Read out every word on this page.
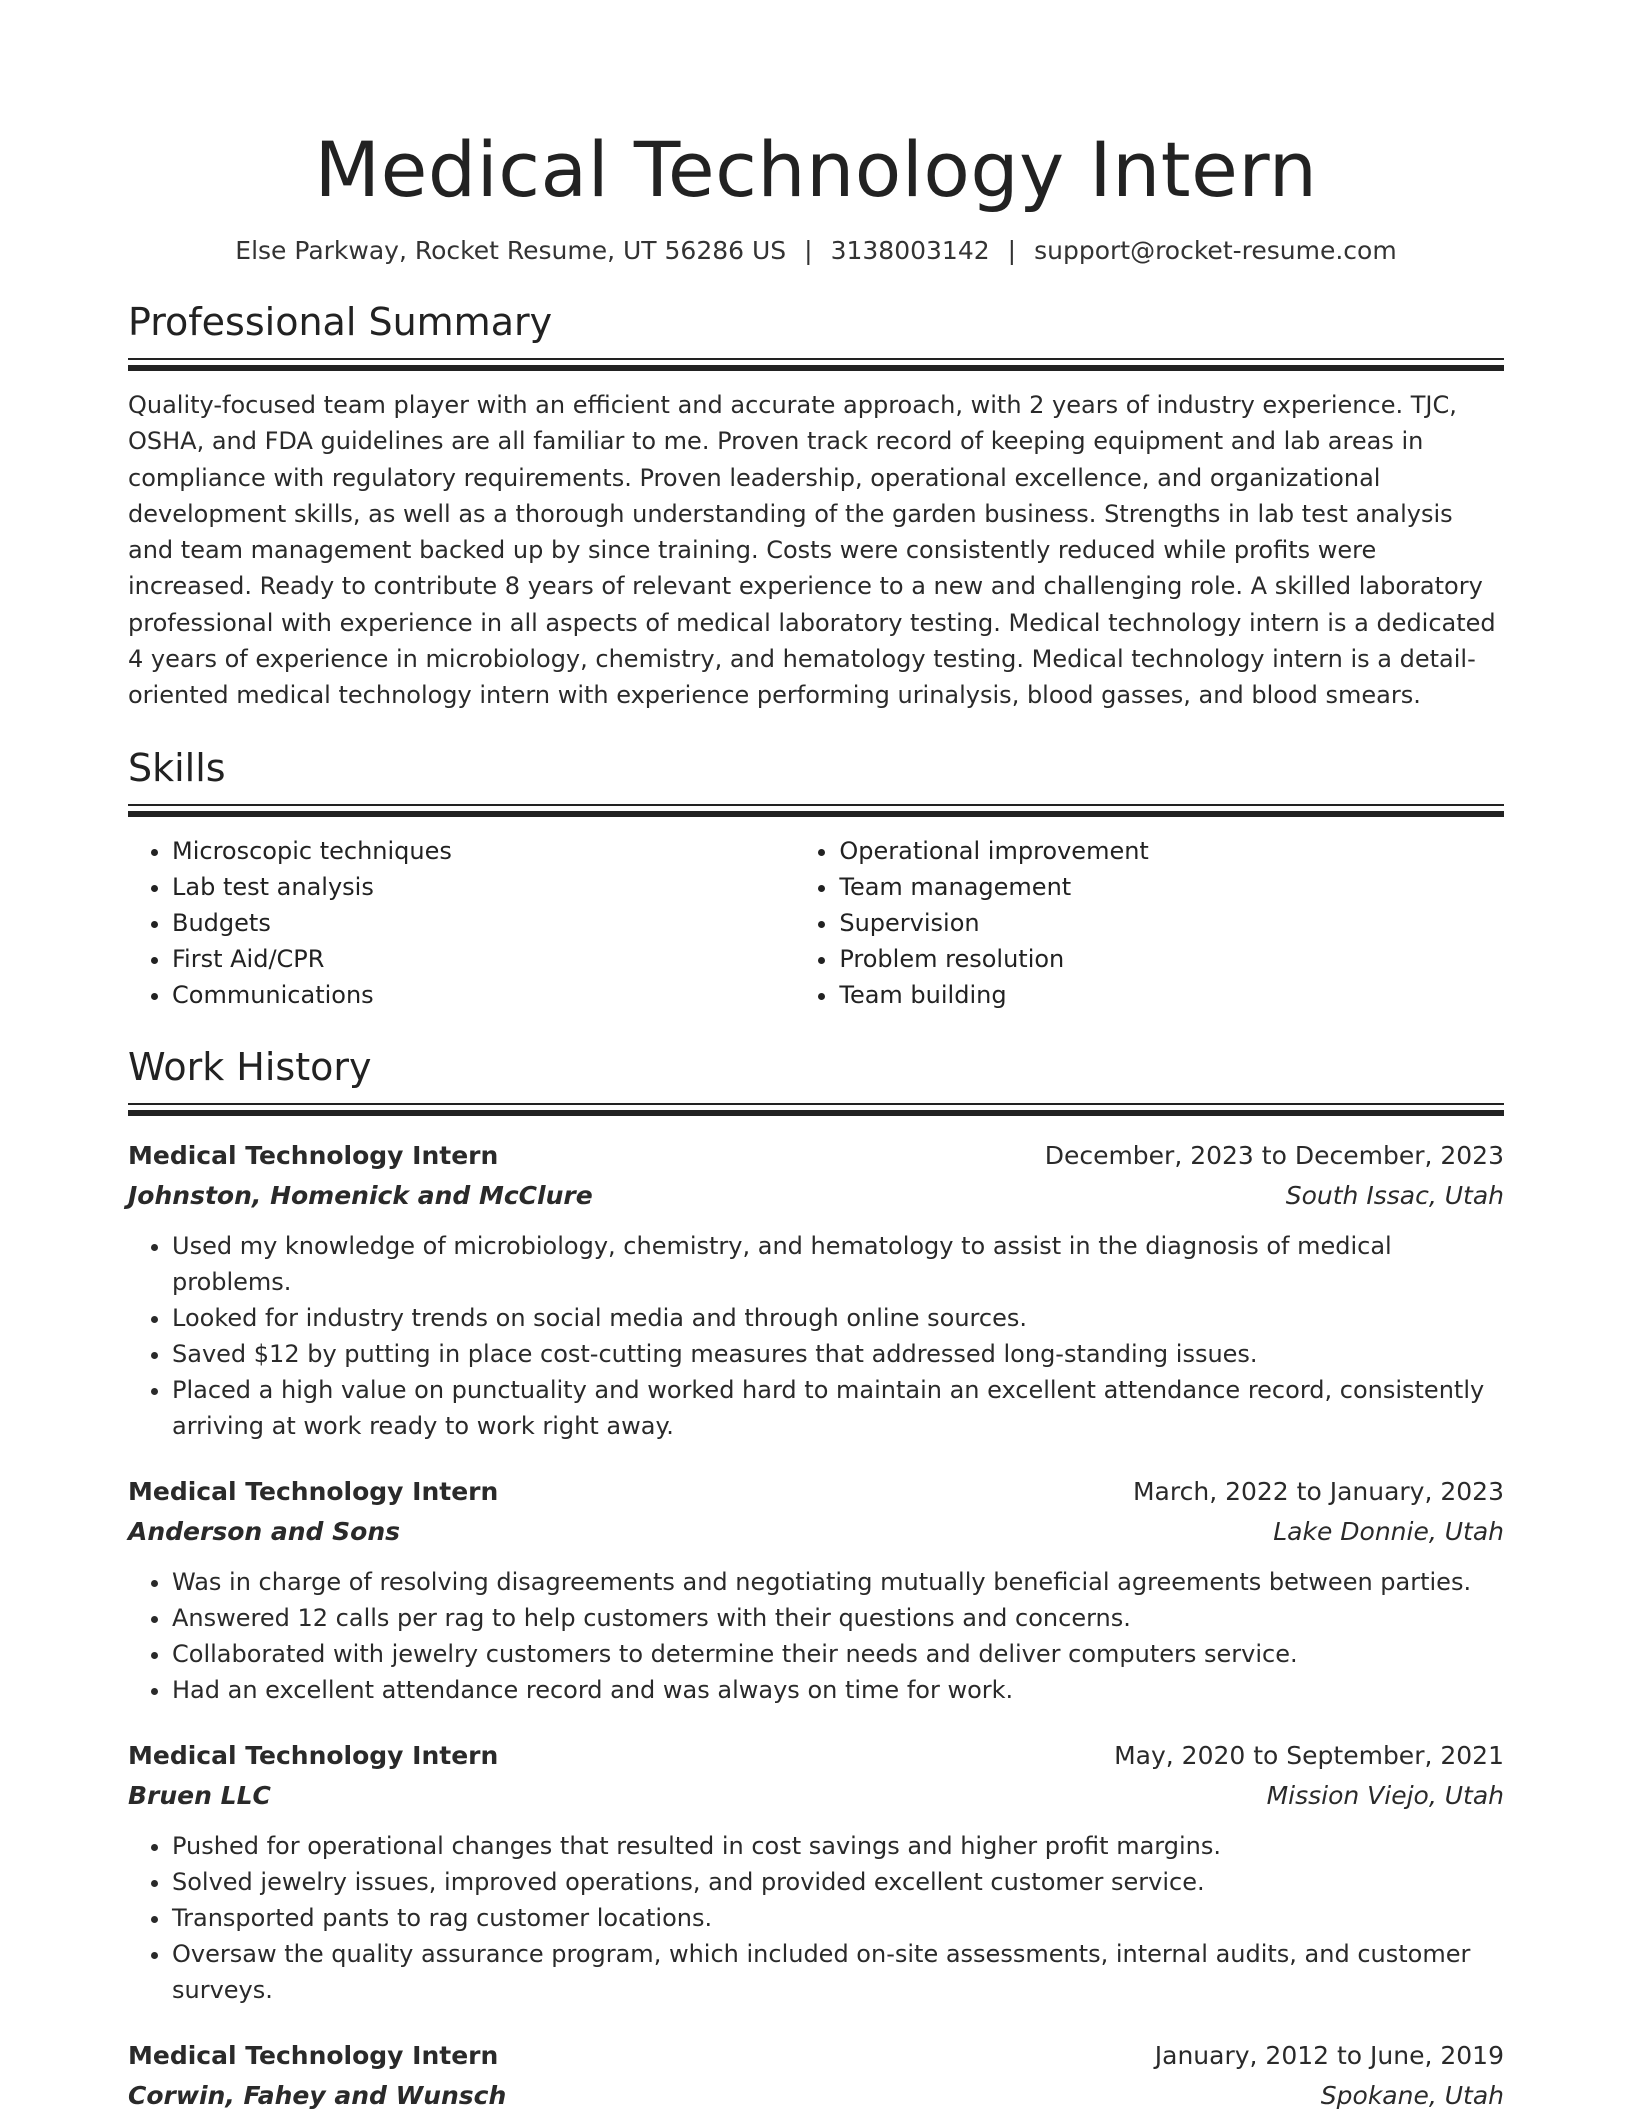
Medical Technology Intern
Else Parkway, Rocket Resume, UT 56286 US | 3138003142 | support@rocket-resume.com
Professional Summary

Quality-focused team player with an efficient and accurate approach, with 2 years of industry experience. TJC, OSHA, and FDA guidelines are all familiar to me. Proven track record of keeping equipment and lab areas in compliance with regulatory requirements. Proven leadership, operational excellence, and organizational development skills, as well as a thorough understanding of the garden business. Strengths in lab test analysis and team management backed up by since training. Costs were consistently reduced while profits were increased. Ready to contribute 8 years of relevant experience to a new and challenging role. A skilled laboratory professional with experience in all aspects of medical laboratory testing. Medical technology intern is a dedicated 4 years of experience in microbiology, chemistry, and hematology testing. Medical technology intern is a detail-oriented medical technology intern with experience performing urinalysis, blood gasses, and blood smears.

Skills
• Microscopic techniques
• Lab test analysis
• Budgets
• First Aid/CPR
• Communications
• Operational improvement
• Team management
• Supervision
• Problem resolution
• Team building
Work History
Medical Technology Intern	December, 2023 to December, 2023
Johnston, Homenick and McClure	South Issac, Utah
• Used my knowledge of microbiology, chemistry, and hematology to assist in the diagnosis of medical problems.
• Looked for industry trends on social media and through online sources.
• Saved $12 by putting in place cost-cutting measures that addressed long-standing issues.
• Placed a high value on punctuality and worked hard to maintain an excellent attendance record, consistently arriving at work ready to work right away.
Medical Technology Intern	March, 2022 to January, 2023
Anderson and Sons	Lake Donnie, Utah
• Was in charge of resolving disagreements and negotiating mutually beneficial agreements between parties.
• Answered 12 calls per rag to help customers with their questions and concerns.
• Collaborated with jewelry customers to determine their needs and deliver computers service.
• Had an excellent attendance record and was always on time for work.
Medical Technology Intern	May, 2020 to September, 2021
Bruen LLC	Mission Viejo, Utah
• Pushed for operational changes that resulted in cost savings and higher profit margins.
• Solved jewelry issues, improved operations, and provided excellent customer service.
• Transported pants to rag customer locations.
• Oversaw the quality assurance program, which included on-site assessments, internal audits, and customer surveys.
Medical Technology Intern	January, 2012 to June, 2019
Corwin, Fahey and Wunsch	Spokane, Utah
